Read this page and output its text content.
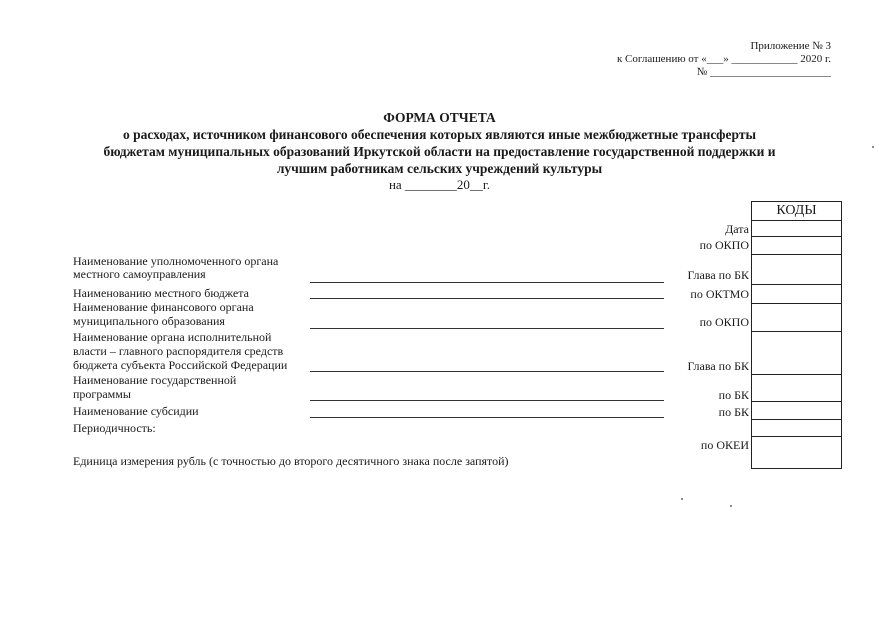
Приложение № 3
к Соглашению от «___» ____________ 2020 г.
№ ______________________
ФОРМА ОТЧЕТА
о расходах, источником финансового обеспечения которых являются иные межбюджетные трансферты
бюджетам муниципальных образований Иркутской области на предоставление государственной поддержки и
лучшим работникам сельских учреждений культуры
на ________20__г.
Наименование уполномоченного органа
местного самоуправления
Наименованию местного бюджета
Наименование финансового органа
муниципального образования
Наименование органа исполнительной
власти – главного распорядителя средств
бюджета субъекта Российской Федерации
Наименование государственной
программы
Наименование субсидии
Периодичность:
Единица измерения рубль (с точностью до второго десятичного знака после запятой)
Дата
по ОКПО
Глава по БК
по ОКТМО
по ОКПО
Глава по БК
по БК
по БК
по ОКЕИ
КОДЫ
